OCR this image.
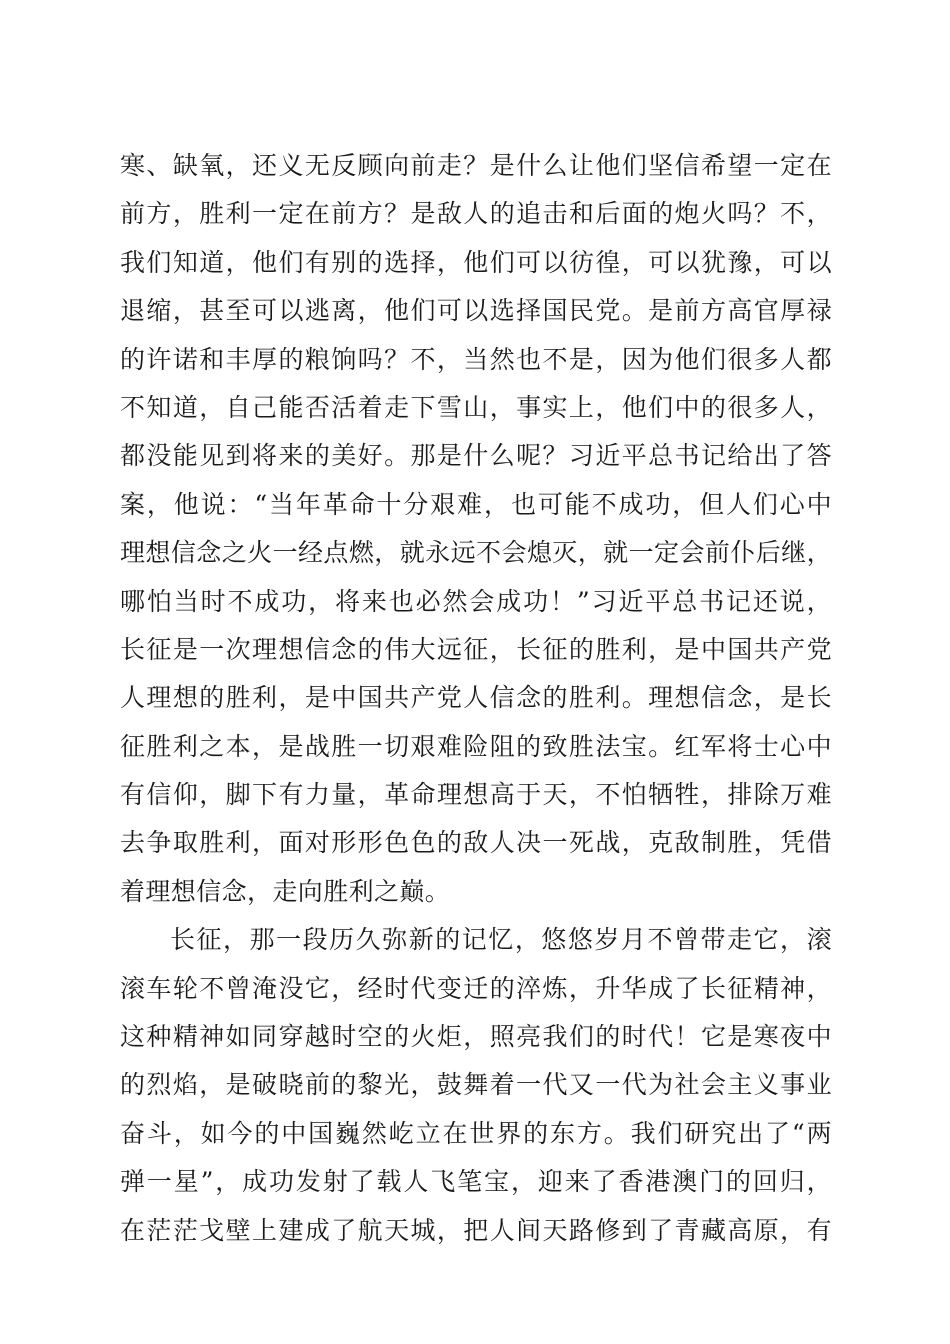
寒、缺氧，还义无反顾向前走？是什么让他们坚信希望一定在
前方，胜利一定在前方？是敌人的追击和后面的炮火吗？不，
我们知道，他们有别的选择，他们可以彷徨，可以犹豫，可以
退缩，甚至可以逃离，他们可以选择国民党。是前方高官厚禄
的许诺和丰厚的粮饷吗？不，当然也不是，因为他们很多人都
不知道，自己能否活着走下雪山，事实上，他们中的很多人，
都没能见到将来的美好。那是什么呢？习近平总书记给出了答
案，他说：“当年革命十分艰难，也可能不成功，但人们心中
理想信念之火一经点燃，就永远不会熄灭，就一定会前仆后继，
哪怕当时不成功，将来也必然会成功！”习近平总书记还说，
长征是一次理想信念的伟大远征，长征的胜利，是中国共产党
人理想的胜利，是中国共产党人信念的胜利。理想信念，是长
征胜利之本，是战胜一切艰难险阻的致胜法宝。红军将士心中
有信仰，脚下有力量，革命理想高于天，不怕牺牲，排除万难
去争取胜利，面对形形色色的敌人决一死战，克敌制胜，凭借
着理想信念，走向胜利之巅。
长征，那一段历久弥新的记忆，悠悠岁月不曾带走它，滚
滚车轮不曾淹没它，经时代变迁的淬炼，升华成了长征精神，
这种精神如同穿越时空的火炬，照亮我们的时代！它是寒夜中
的烈焰，是破晓前的黎光，鼓舞着一代又一代为社会主义事业
奋斗，如今的中国巍然屹立在世界的东方。我们研究出了“两
弹一星”，成功发射了载人飞笔宝，迎来了香港澳门的回归，
在茫茫戈壁上建成了航天城，把人间天路修到了青藏高原，有
